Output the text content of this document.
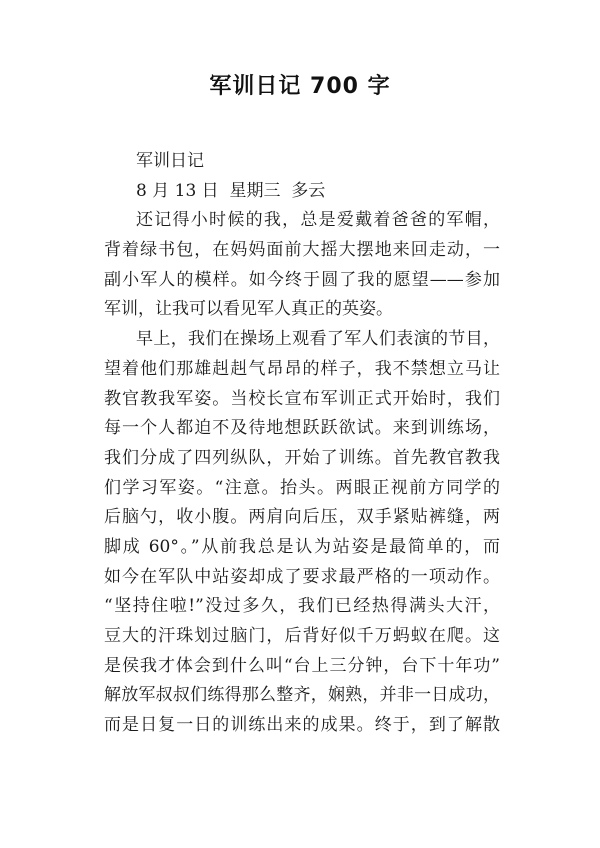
军训日记 700 字
军训日记
8 月 13 日  星期三  多云
还记得小时候的我，总是爱戴着爸爸的军帽，
背着绿书包，在妈妈面前大摇大摆地来回走动，一
副小军人的模样。如今终于圆了我的愿望——参加
军训，让我可以看见军人真正的英姿。
早上，我们在操场上观看了军人们表演的节目，
望着他们那雄赳赳气昂昂的样子，我不禁想立马让
教官教我军姿。当校长宣布军训正式开始时，我们
每一个人都迫不及待地想跃跃欲试。来到训练场，
我们分成了四列纵队，开始了训练。首先教官教我
们学习军姿。“注意。抬头。两眼正视前方同学的
后脑勺，收小腹。两肩向后压，双手紧贴裤缝，两
脚成 60°。”从前我总是认为站姿是最简单的，而
如今在军队中站姿却成了要求最严格的一项动作。
“坚持住啦!”没过多久，我们已经热得满头大汗，
豆大的汗珠划过脑门，后背好似千万蚂蚁在爬。这
是侯我才体会到什么叫“台上三分钟，台下十年功”
解放军叔叔们练得那么整齐，娴熟，并非一日成功，
而是日复一日的训练出来的成果。终于，到了解散
